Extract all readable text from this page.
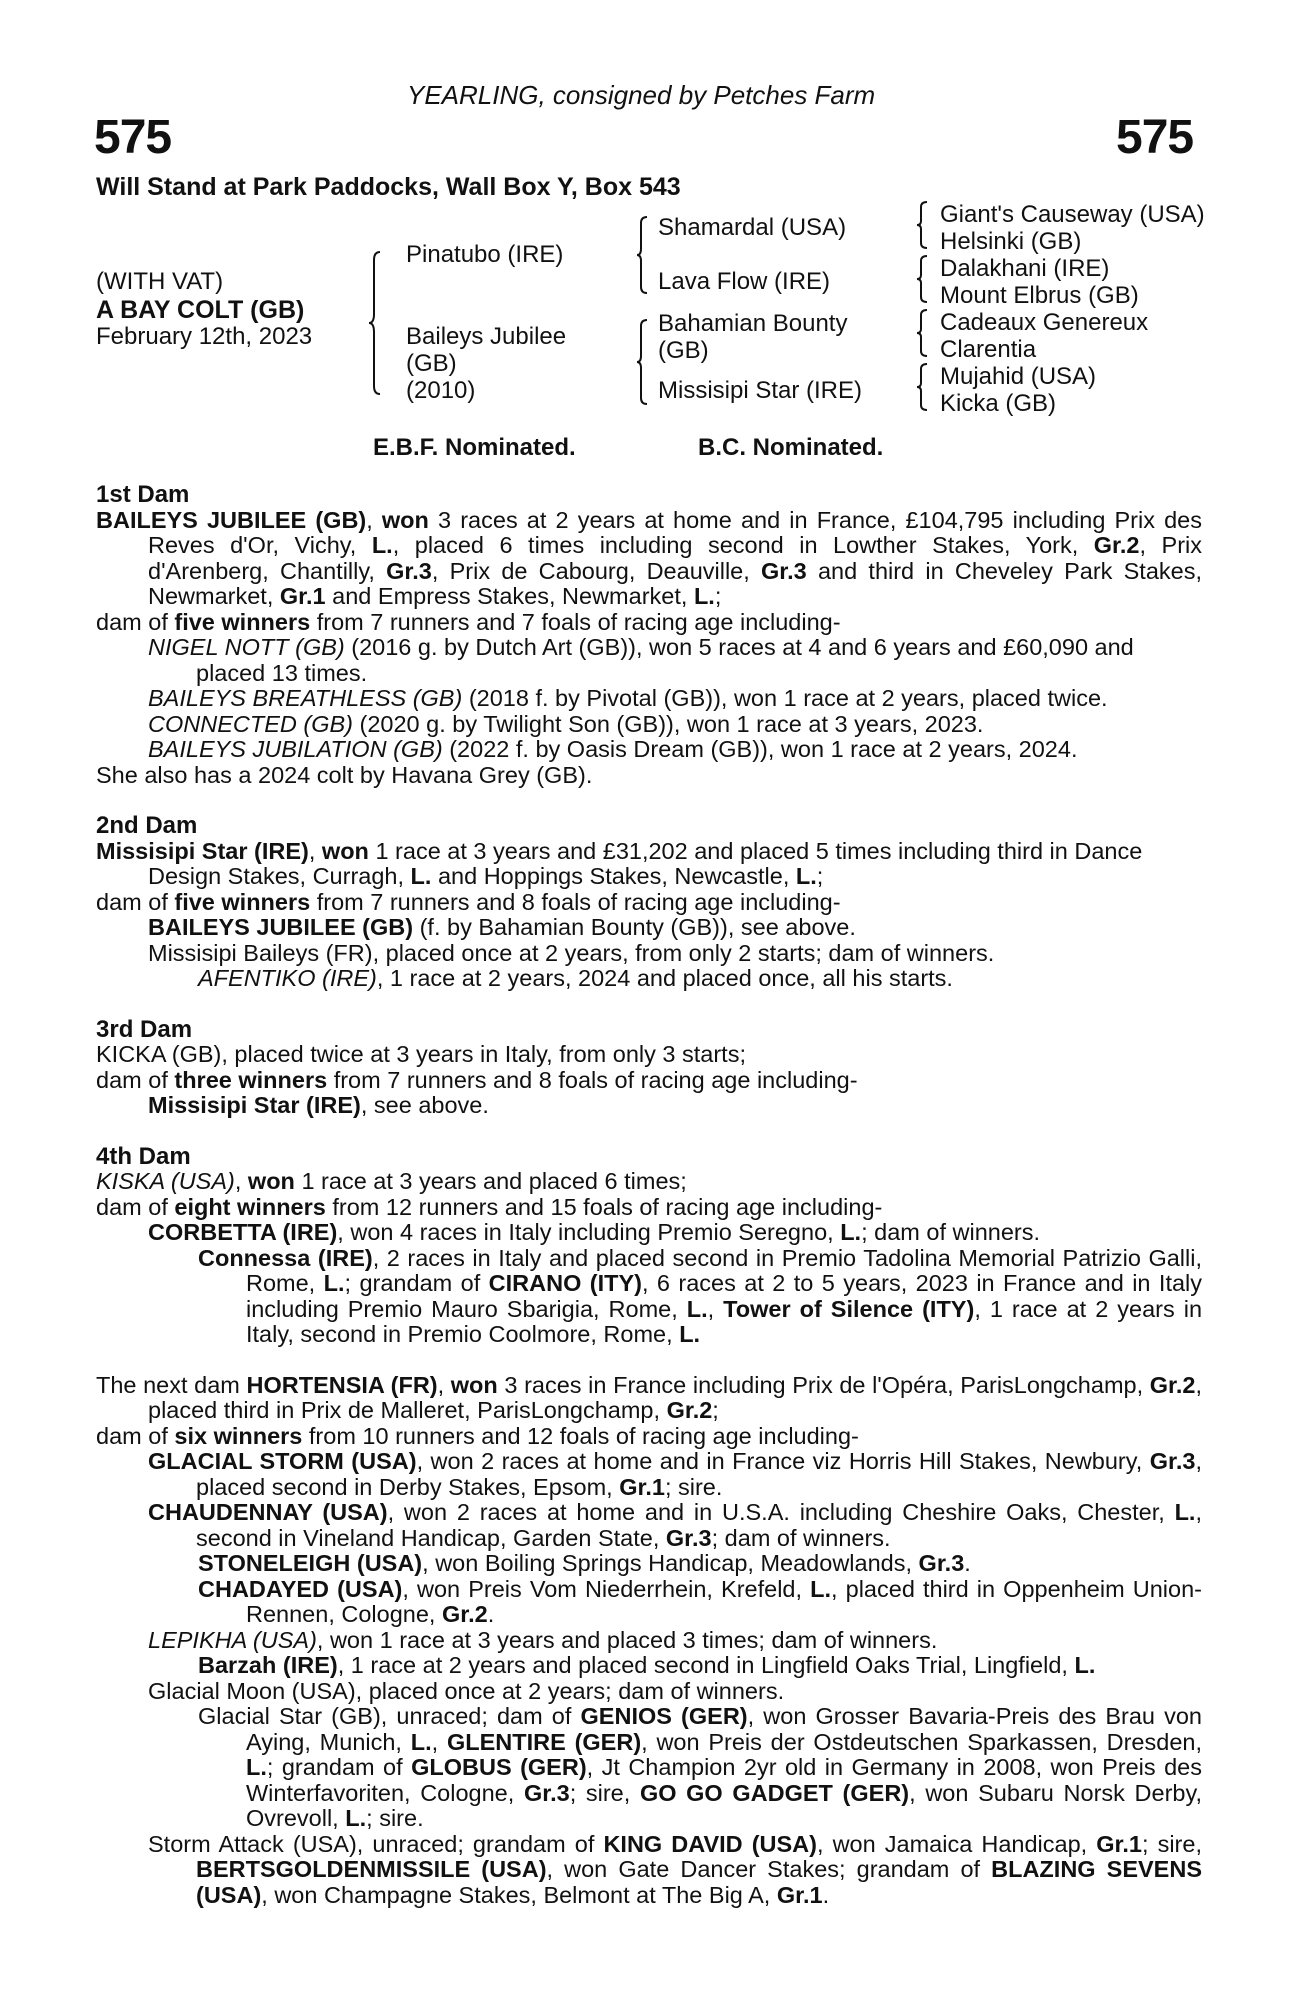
YEARLING, consigned by Petches Farm
575	575
Will Stand at Park Paddocks, Wall Box Y, Box 543
(WITH VAT)
A BAY COLT (GB)
February 12th, 2023
Pinatubo (IRE)
Baileys Jubilee
(GB)
(2010)
Shamardal (USA)
Lava Flow (IRE)
Bahamian Bounty
(GB)
Missisipi Star (IRE)
Giant's Causeway (USA)
Helsinki (GB)
Dalakhani (IRE)
Mount Elbrus (GB)
Cadeaux Genereux
Clarentia
Mujahid (USA)
Kicka (GB)
E.B.F. Nominated.	B.C. Nominated.

1st Dam

BAILEYS JUBILEE (GB), won 3 races at 2 years at home and in France, £104,795 including Prix des Reves d'Or, Vichy, L., placed 6 times including second in Lowther Stakes, York, Gr.2, Prix d'Arenberg, Chantilly, Gr.3, Prix de Cabourg, Deauville, Gr.3 and third in Cheveley Park Stakes, Newmarket, Gr.1 and Empress Stakes, Newmarket, L.;

dam of five winners from 7 runners and 7 foals of racing age including-

NIGEL NOTT (GB) (2016 g. by Dutch Art (GB)), won 5 races at 4 and 6 years and £60,090 and placed 13 times.

BAILEYS BREATHLESS (GB) (2018 f. by Pivotal (GB)), won 1 race at 2 years, placed twice.

CONNECTED (GB) (2020 g. by Twilight Son (GB)), won 1 race at 3 years, 2023.

BAILEYS JUBILATION (GB) (2022 f. by Oasis Dream (GB)), won 1 race at 2 years, 2024.

She also has a 2024 colt by Havana Grey (GB).

2nd Dam

Missisipi Star (IRE), won 1 race at 3 years and £31,202 and placed 5 times including third in Dance Design Stakes, Curragh, L. and Hoppings Stakes, Newcastle, L.;

dam of five winners from 7 runners and 8 foals of racing age including-

BAILEYS JUBILEE (GB) (f. by Bahamian Bounty (GB)), see above.

Missisipi Baileys (FR), placed once at 2 years, from only 2 starts; dam of winners.

AFENTIKO (IRE), 1 race at 2 years, 2024 and placed once, all his starts.

3rd Dam

KICKA (GB), placed twice at 3 years in Italy, from only 3 starts;

dam of three winners from 7 runners and 8 foals of racing age including-

Missisipi Star (IRE), see above.

4th Dam

KISKA (USA), won 1 race at 3 years and placed 6 times;

dam of eight winners from 12 runners and 15 foals of racing age including-

CORBETTA (IRE), won 4 races in Italy including Premio Seregno, L.; dam of winners.

Connessa (IRE), 2 races in Italy and placed second in Premio Tadolina Memorial Patrizio Galli, Rome, L.; grandam of CIRANO (ITY), 6 races at 2 to 5 years, 2023 in France and in Italy including Premio Mauro Sbarigia, Rome, L., Tower of Silence (ITY), 1 race at 2 years in Italy, second in Premio Coolmore, Rome, L.

The next dam HORTENSIA (FR), won 3 races in France including Prix de l'Opéra, ParisLongchamp, Gr.2, placed third in Prix de Malleret, ParisLongchamp, Gr.2;

dam of six winners from 10 runners and 12 foals of racing age including-

GLACIAL STORM (USA), won 2 races at home and in France viz Horris Hill Stakes, Newbury, Gr.3, placed second in Derby Stakes, Epsom, Gr.1; sire.

CHAUDENNAY (USA), won 2 races at home and in U.S.A. including Cheshire Oaks, Chester, L., second in Vineland Handicap, Garden State, Gr.3; dam of winners.

STONELEIGH (USA), won Boiling Springs Handicap, Meadowlands, Gr.3.

CHADAYED (USA), won Preis Vom Niederrhein, Krefeld, L., placed third in Oppenheim Union-Rennen, Cologne, Gr.2.

LEPIKHA (USA), won 1 race at 3 years and placed 3 times; dam of winners.

Barzah (IRE), 1 race at 2 years and placed second in Lingfield Oaks Trial, Lingfield, L.

Glacial Moon (USA), placed once at 2 years; dam of winners.

Glacial Star (GB), unraced; dam of GENIOS (GER), won Grosser Bavaria-Preis des Brau von Aying, Munich, L., GLENTIRE (GER), won Preis der Ostdeutschen Sparkassen, Dresden, L.; grandam of GLOBUS (GER), Jt Champion 2yr old in Germany in 2008, won Preis des Winterfavoriten, Cologne, Gr.3; sire, GO GO GADGET (GER), won Subaru Norsk Derby, Ovrevoll, L.; sire.

Storm Attack (USA), unraced; grandam of KING DAVID (USA), won Jamaica Handicap, Gr.1; sire, BERTSGOLDENMISSILE (USA), won Gate Dancer Stakes; grandam of BLAZING SEVENS (USA), won Champagne Stakes, Belmont at The Big A, Gr.1.
